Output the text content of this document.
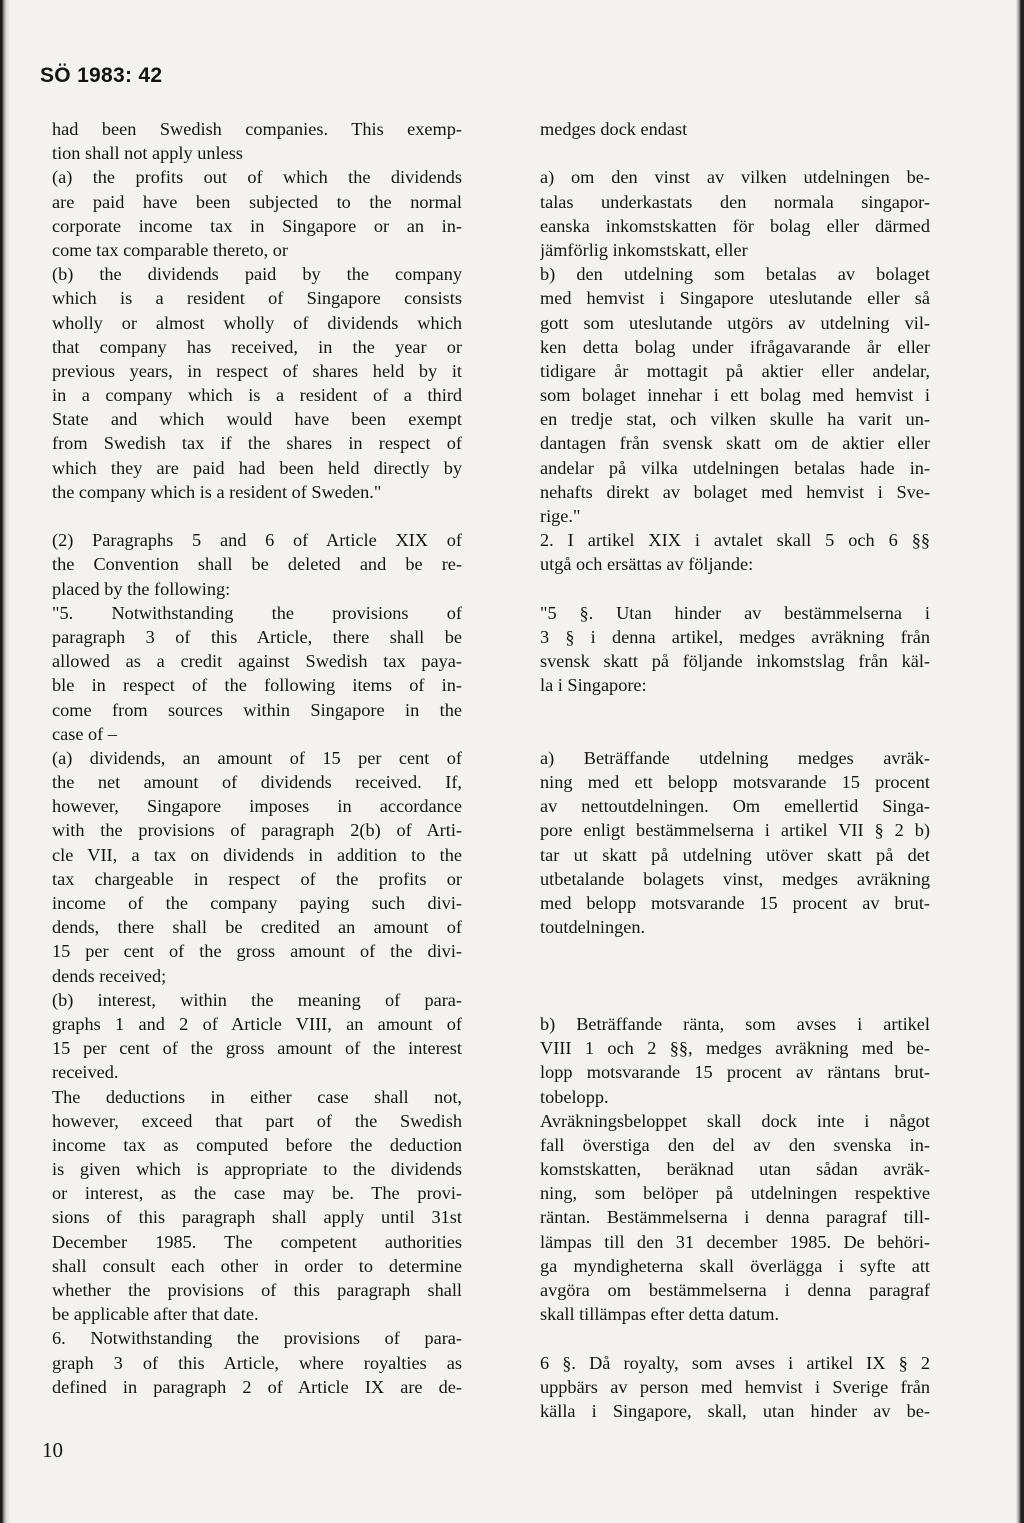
SÖ 1983: 42
had been Swedish companies. This exemp-
tion shall not apply unless
(a) the profits out of which the dividends
are paid have been subjected to the normal
corporate income tax in Singapore or an in-
come tax comparable thereto, or
(b) the dividends paid by the company
which is a resident of Singapore consists
wholly or almost wholly of dividends which
that company has received, in the year or
previous years, in respect of shares held by it
in a company which is a resident of a third
State and which would have been exempt
from Swedish tax if the shares in respect of
which they are paid had been held directly by
the company which is a resident of Sweden."
(2) Paragraphs 5 and 6 of Article XIX of
the Convention shall be deleted and be re-
placed by the following:
"5. Notwithstanding the provisions of
paragraph 3 of this Article, there shall be
allowed as a credit against Swedish tax paya-
ble in respect of the following items of in-
come from sources within Singapore in the
case of –
(a) dividends, an amount of 15 per cent of
the net amount of dividends received. If,
however, Singapore imposes in accordance
with the provisions of paragraph 2(b) of Arti-
cle VII, a tax on dividends in addition to the
tax chargeable in respect of the profits or
income of the company paying such divi-
dends, there shall be credited an amount of
15 per cent of the gross amount of the divi-
dends received;
(b) interest, within the meaning of para-
graphs 1 and 2 of Article VIII, an amount of
15 per cent of the gross amount of the interest
received.
The deductions in either case shall not,
however, exceed that part of the Swedish
income tax as computed before the deduction
is given which is appropriate to the dividends
or interest, as the case may be. The provi-
sions of this paragraph shall apply until 31st
December 1985. The competent authorities
shall consult each other in order to determine
whether the provisions of this paragraph shall
be applicable after that date.
6. Notwithstanding the provisions of para-
graph 3 of this Article, where royalties as
defined in paragraph 2 of Article IX are de-
medges dock endast
a) om den vinst av vilken utdelningen be-
talas underkastats den normala singapor-
eanska inkomstskatten för bolag eller därmed
jämförlig inkomstskatt, eller
b) den utdelning som betalas av bolaget
med hemvist i Singapore uteslutande eller så
gott som uteslutande utgörs av utdelning vil-
ken detta bolag under ifrågavarande år eller
tidigare år mottagit på aktier eller andelar,
som bolaget innehar i ett bolag med hemvist i
en tredje stat, och vilken skulle ha varit un-
dantagen från svensk skatt om de aktier eller
andelar på vilka utdelningen betalas hade in-
nehafts direkt av bolaget med hemvist i Sve-
rige."
2. I artikel XIX i avtalet skall 5 och 6 §§
utgå och ersättas av följande:
"5 §. Utan hinder av bestämmelserna i
3 § i denna artikel, medges avräkning från
svensk skatt på följande inkomstslag från käl-
la i Singapore:
a) Beträffande utdelning medges avräk-
ning med ett belopp motsvarande 15 procent
av nettoutdelningen. Om emellertid Singa-
pore enligt bestämmelserna i artikel VII § 2 b)
tar ut skatt på utdelning utöver skatt på det
utbetalande bolagets vinst, medges avräkning
med belopp motsvarande 15 procent av brut-
toutdelningen.
b) Beträffande ränta, som avses i artikel
VIII 1 och 2 §§, medges avräkning med be-
lopp motsvarande 15 procent av räntans brut-
tobelopp.
Avräkningsbeloppet skall dock inte i något
fall överstiga den del av den svenska in-
komstskatten, beräknad utan sådan avräk-
ning, som belöper på utdelningen respektive
räntan. Bestämmelserna i denna paragraf till-
lämpas till den 31 december 1985. De behöri-
ga myndigheterna skall överlägga i syfte att
avgöra om bestämmelserna i denna paragraf
skall tillämpas efter detta datum.
6 §. Då royalty, som avses i artikel IX § 2
uppbärs av person med hemvist i Sverige från
källa i Singapore, skall, utan hinder av be-
10
